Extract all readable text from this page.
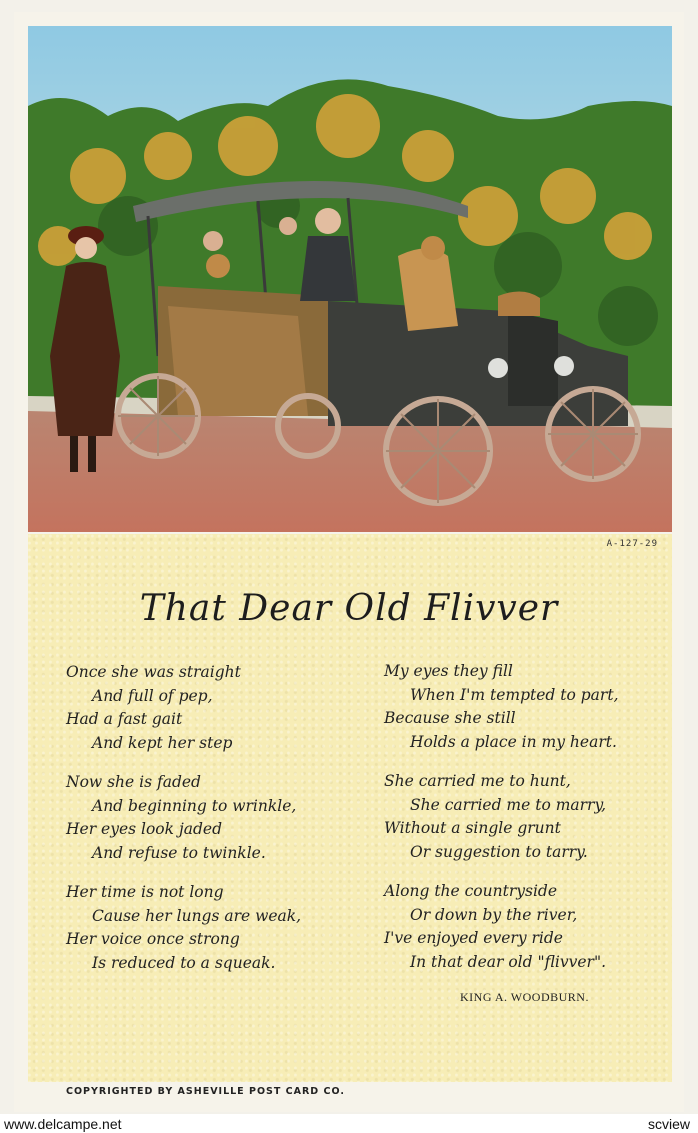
A-127-29
That Dear Old Flivver
Once she was straight
And full of pep,
Had a fast gait
And kept her step
Now she is faded
And beginning to wrinkle,
Her eyes look jaded
And refuse to twinkle.
Her time is not long
Cause her lungs are weak,
Her voice once strong
Is reduced to a squeak.
My eyes they fill
When I'm tempted to part,
Because she still
Holds a place in my heart.
She carried me to hunt,
She carried me to marry,
Without a single grunt
Or suggestion to tarry.
Along the countryside
Or down by the river,
I've enjoyed every ride
In that dear old "flivver".
KING A. WOODBURN.
COPYRIGHTED BY ASHEVILLE POST CARD CO.
www.delcampe.net	scview
